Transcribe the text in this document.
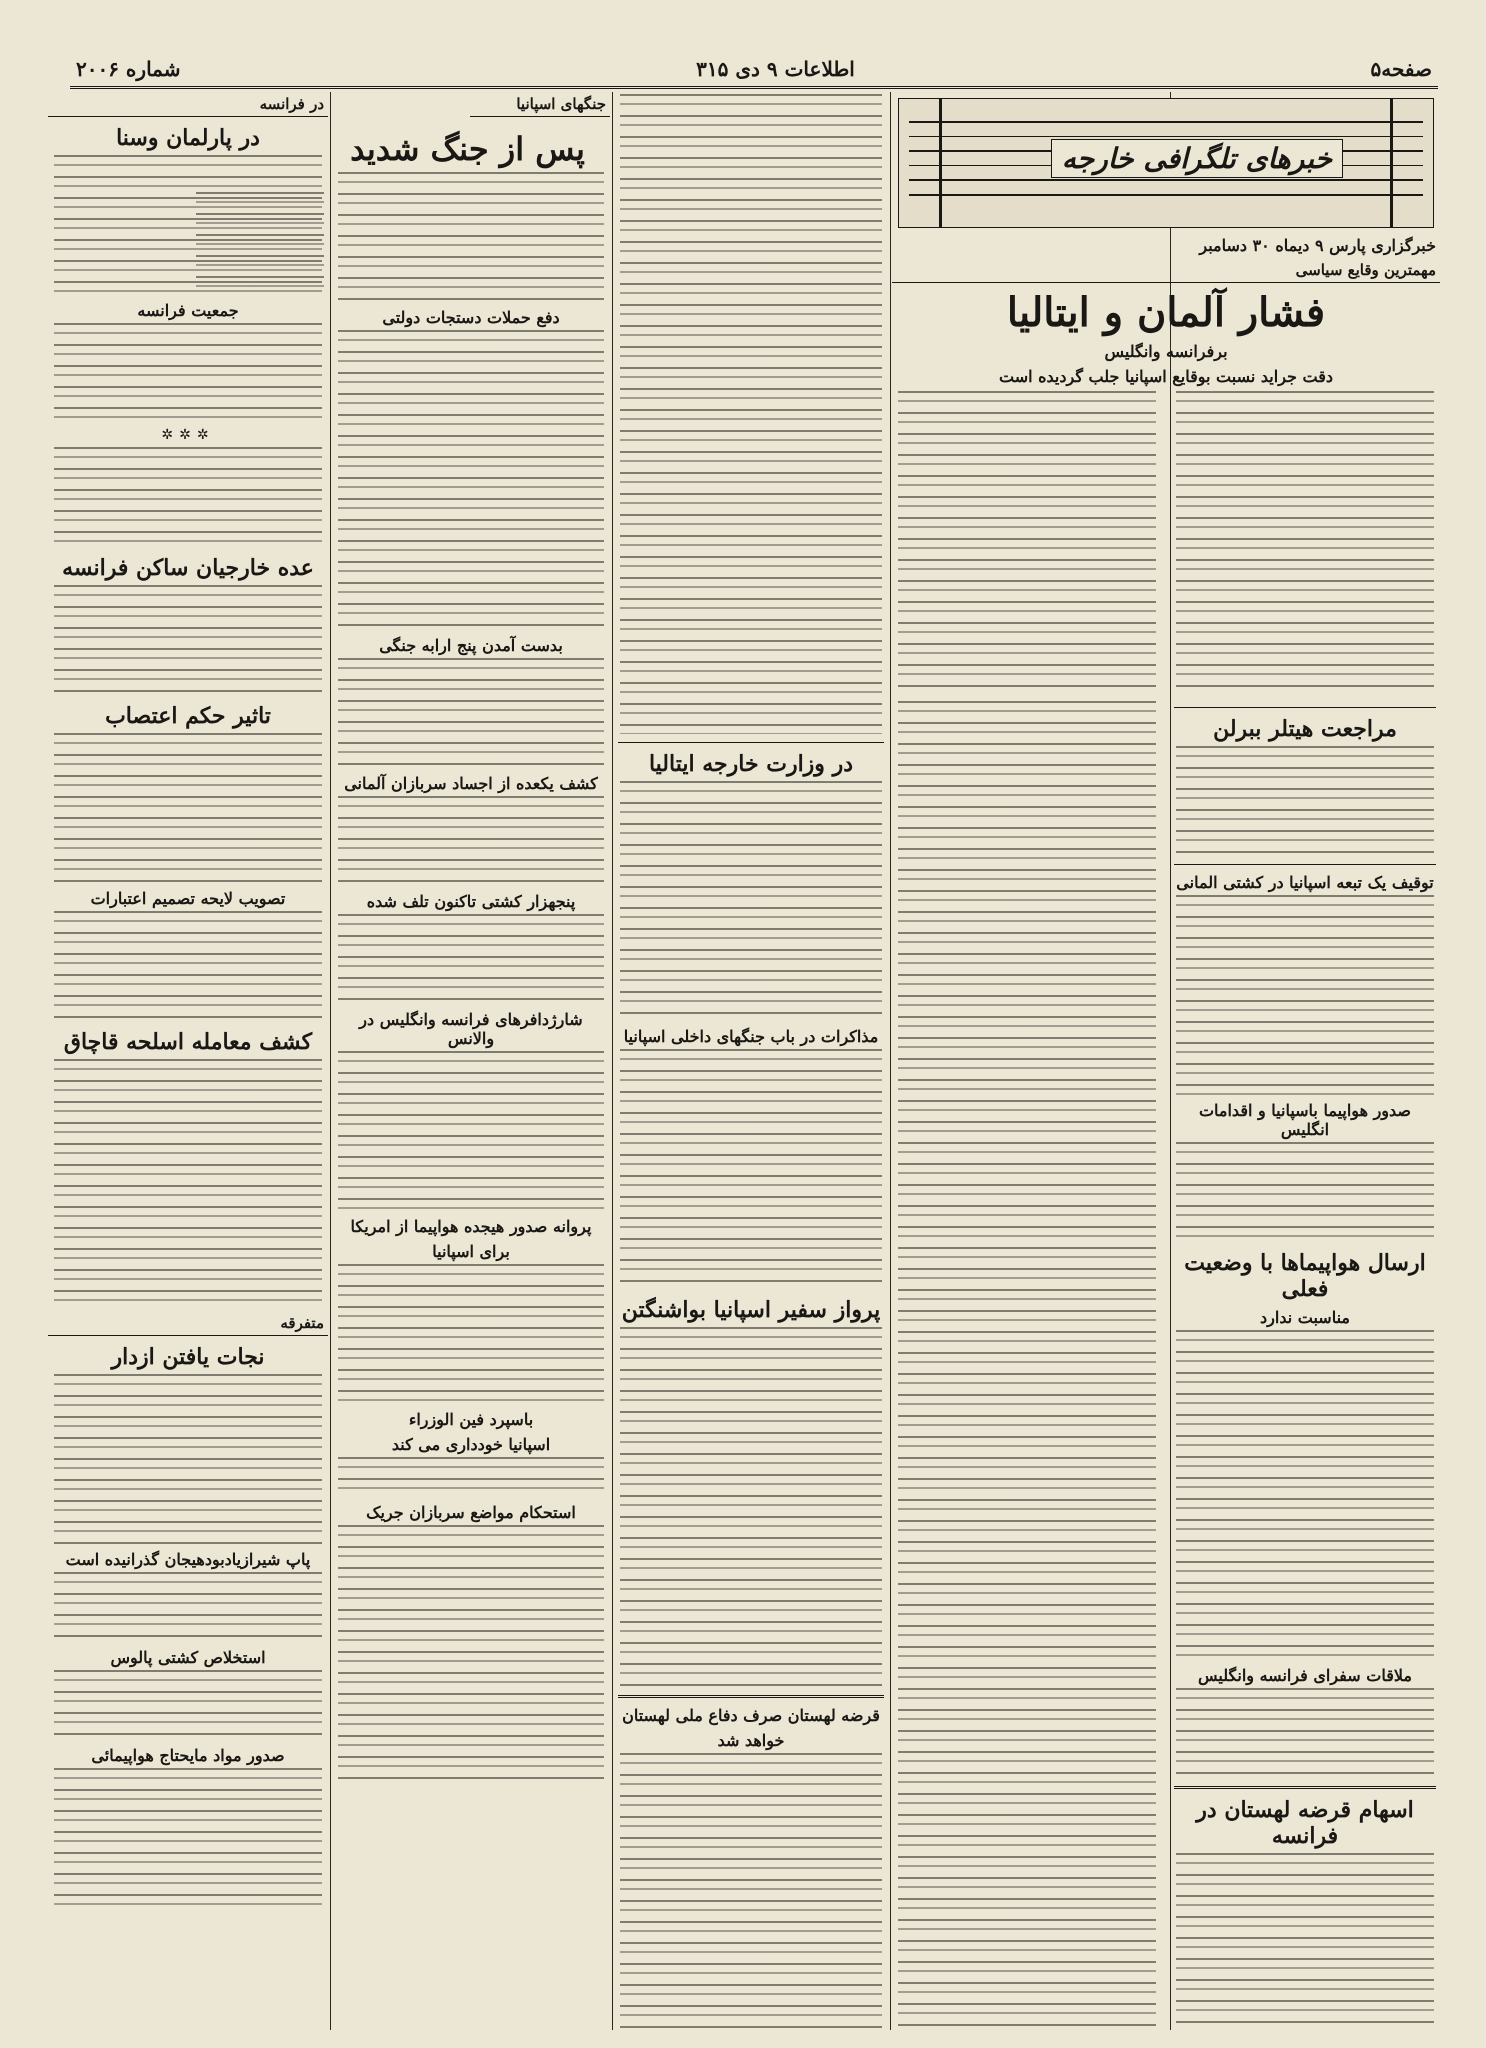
صفحه۵
اطلاعات ۹ دی ۳۱۵
شماره ۲۰۰۶
خبرهای تلگرافی خارجه
خبرگزاری پارس ۹ دیماه ۳۰ دسامبر
مهمترین وقایع سیاسی
فشار آلمان و ایتالیا
برفرانسه وانگلیس
دقت جراید نسبت بوقایع اسپانیا جلب گردیده است
مراجعت هیتلر ببرلن
توقیف یک تبعه اسپانیا در کشتی المانی
صدور هواپیما باسپانیا و اقدامات انگلیس
ارسال هواپیماها با وضعیت فعلی
مناسبت ندارد
ملاقات سفرای فرانسه وانگلیس
اسهام قرضه لهستان در فرانسه
در وزارت خارجه ایتالیا
مذاکرات در باب جنگهای داخلی اسپانیا
پرواز سفیر اسپانیا بواشنگتن
قرضه لهستان صرف دفاع ملی لهستان
خواهد شد
جنگهای اسپانیا
پس از جنگ شدید
دفع حملات دستجات دولتی
بدست آمدن پنج ارابه جنگی
کشف یکعده از اجساد سربازان آلمانی
پنجهزار کشتی تاکنون تلف شده
شارژدافرهای فرانسه وانگلیس در والانس
پروانه صدور هیجده هواپیما از امریکا
برای اسپانیا
باسپرد فین الوزراء
اسپانیا خودداری می کند
استحکام مواضع سربازان جریک
در فرانسه
در پارلمان وسنا
جمعیت فرانسه
✲✲✲
عده خارجیان ساکن فرانسه
تاثیر حکم اعتصاب
تصویب لایحه تصمیم اعتبارات
کشف معامله اسلحه قاچاق
متفرقه
نجات یافتن ازدار
پاپ شیرازیادبودهیجان گذرانیده است
استخلاص کشتی پالوس
صدور مواد مایحتاج هواپیمائی
